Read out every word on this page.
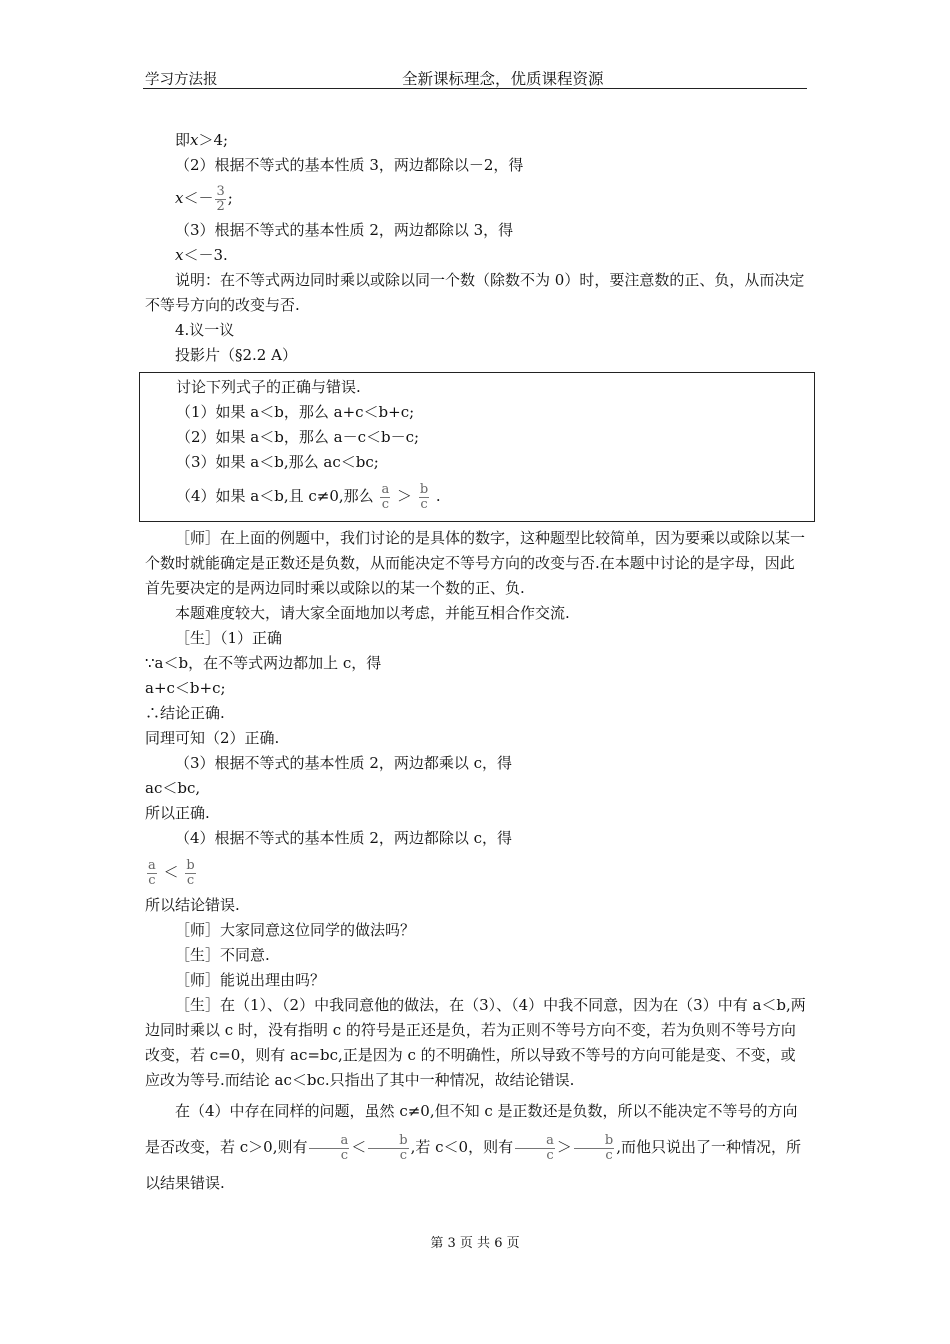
学习方法报	全新课标理念，优质课程资源

即x＞4;

（2）根据不等式的基本性质 3，两边都除以－2，得

$x<- \frac{3}{2}$ ;

（3）根据不等式的基本性质 2，两边都除以 3，得

x＜－3.

说明：在不等式两边同时乘以或除以同一个数（除数不为 0）时，要注意数的正、负，从而决定不等号方向的改变与否.

4.议一议

投影片（§2.2 A）

讨论下列式子的正确与错误.

（1）如果 a＜b，那么 a+c＜b+c;

（2）如果 a＜b，那么 a－c＜b－c;

（3）如果 a＜b,那么 ac＜bc;

（4）如果 a＜b,且 c≠0,那么 $\frac{a}{c} > \frac{b}{c}$ .

［师］在上面的例题中，我们讨论的是具体的数字，这种题型比较简单，因为要乘以或除以某一个数时就能确定是正数还是负数，从而能决定不等号方向的改变与否.在本题中讨论的是字母，因此首先要决定的是两边同时乘以或除以的某一个数的正、负.

本题难度较大，请大家全面地加以考虑，并能互相合作交流.

［生］（1）正确

∵a＜b，在不等式两边都加上 c，得

a+c＜b+c;

∴结论正确.

同理可知（2）正确.

（3）根据不等式的基本性质 2，两边都乘以 c，得

ac＜bc,

所以正确.

（4）根据不等式的基本性质 2，两边都除以 c，得

$\frac{a}{c} < \frac{b}{c}$

所以结论错误.

［师］大家同意这位同学的做法吗？

［生］不同意.

［师］能说出理由吗？

［生］在（1）、（2）中我同意他的做法，在（3）、（4）中我不同意，因为在（3）中有 a＜b,两边同时乘以 c 时，没有指明 c 的符号是正还是负，若为正则不等号方向不变，若为负则不等号方向改变，若 c=0，则有 ac=bc,正是因为 c 的不明确性，所以导致不等号的方向可能是变、不变，或应改为等号.而结论 ac＜bc.只指出了其中一种情况，故结论错误.

在（4）中存在同样的问题，虽然 c≠0,但不知 c 是正数还是负数，所以不能决定不等号的方向是否改变，若 c＞0,则有 $\frac{a}{c} < \frac{b}{c}$ ,若 c＜0，则有 $\frac{a}{c} > \frac{b}{c}$ ,而他只说出了一种情况，所以结果错误.

第 3 页 共 6 页
